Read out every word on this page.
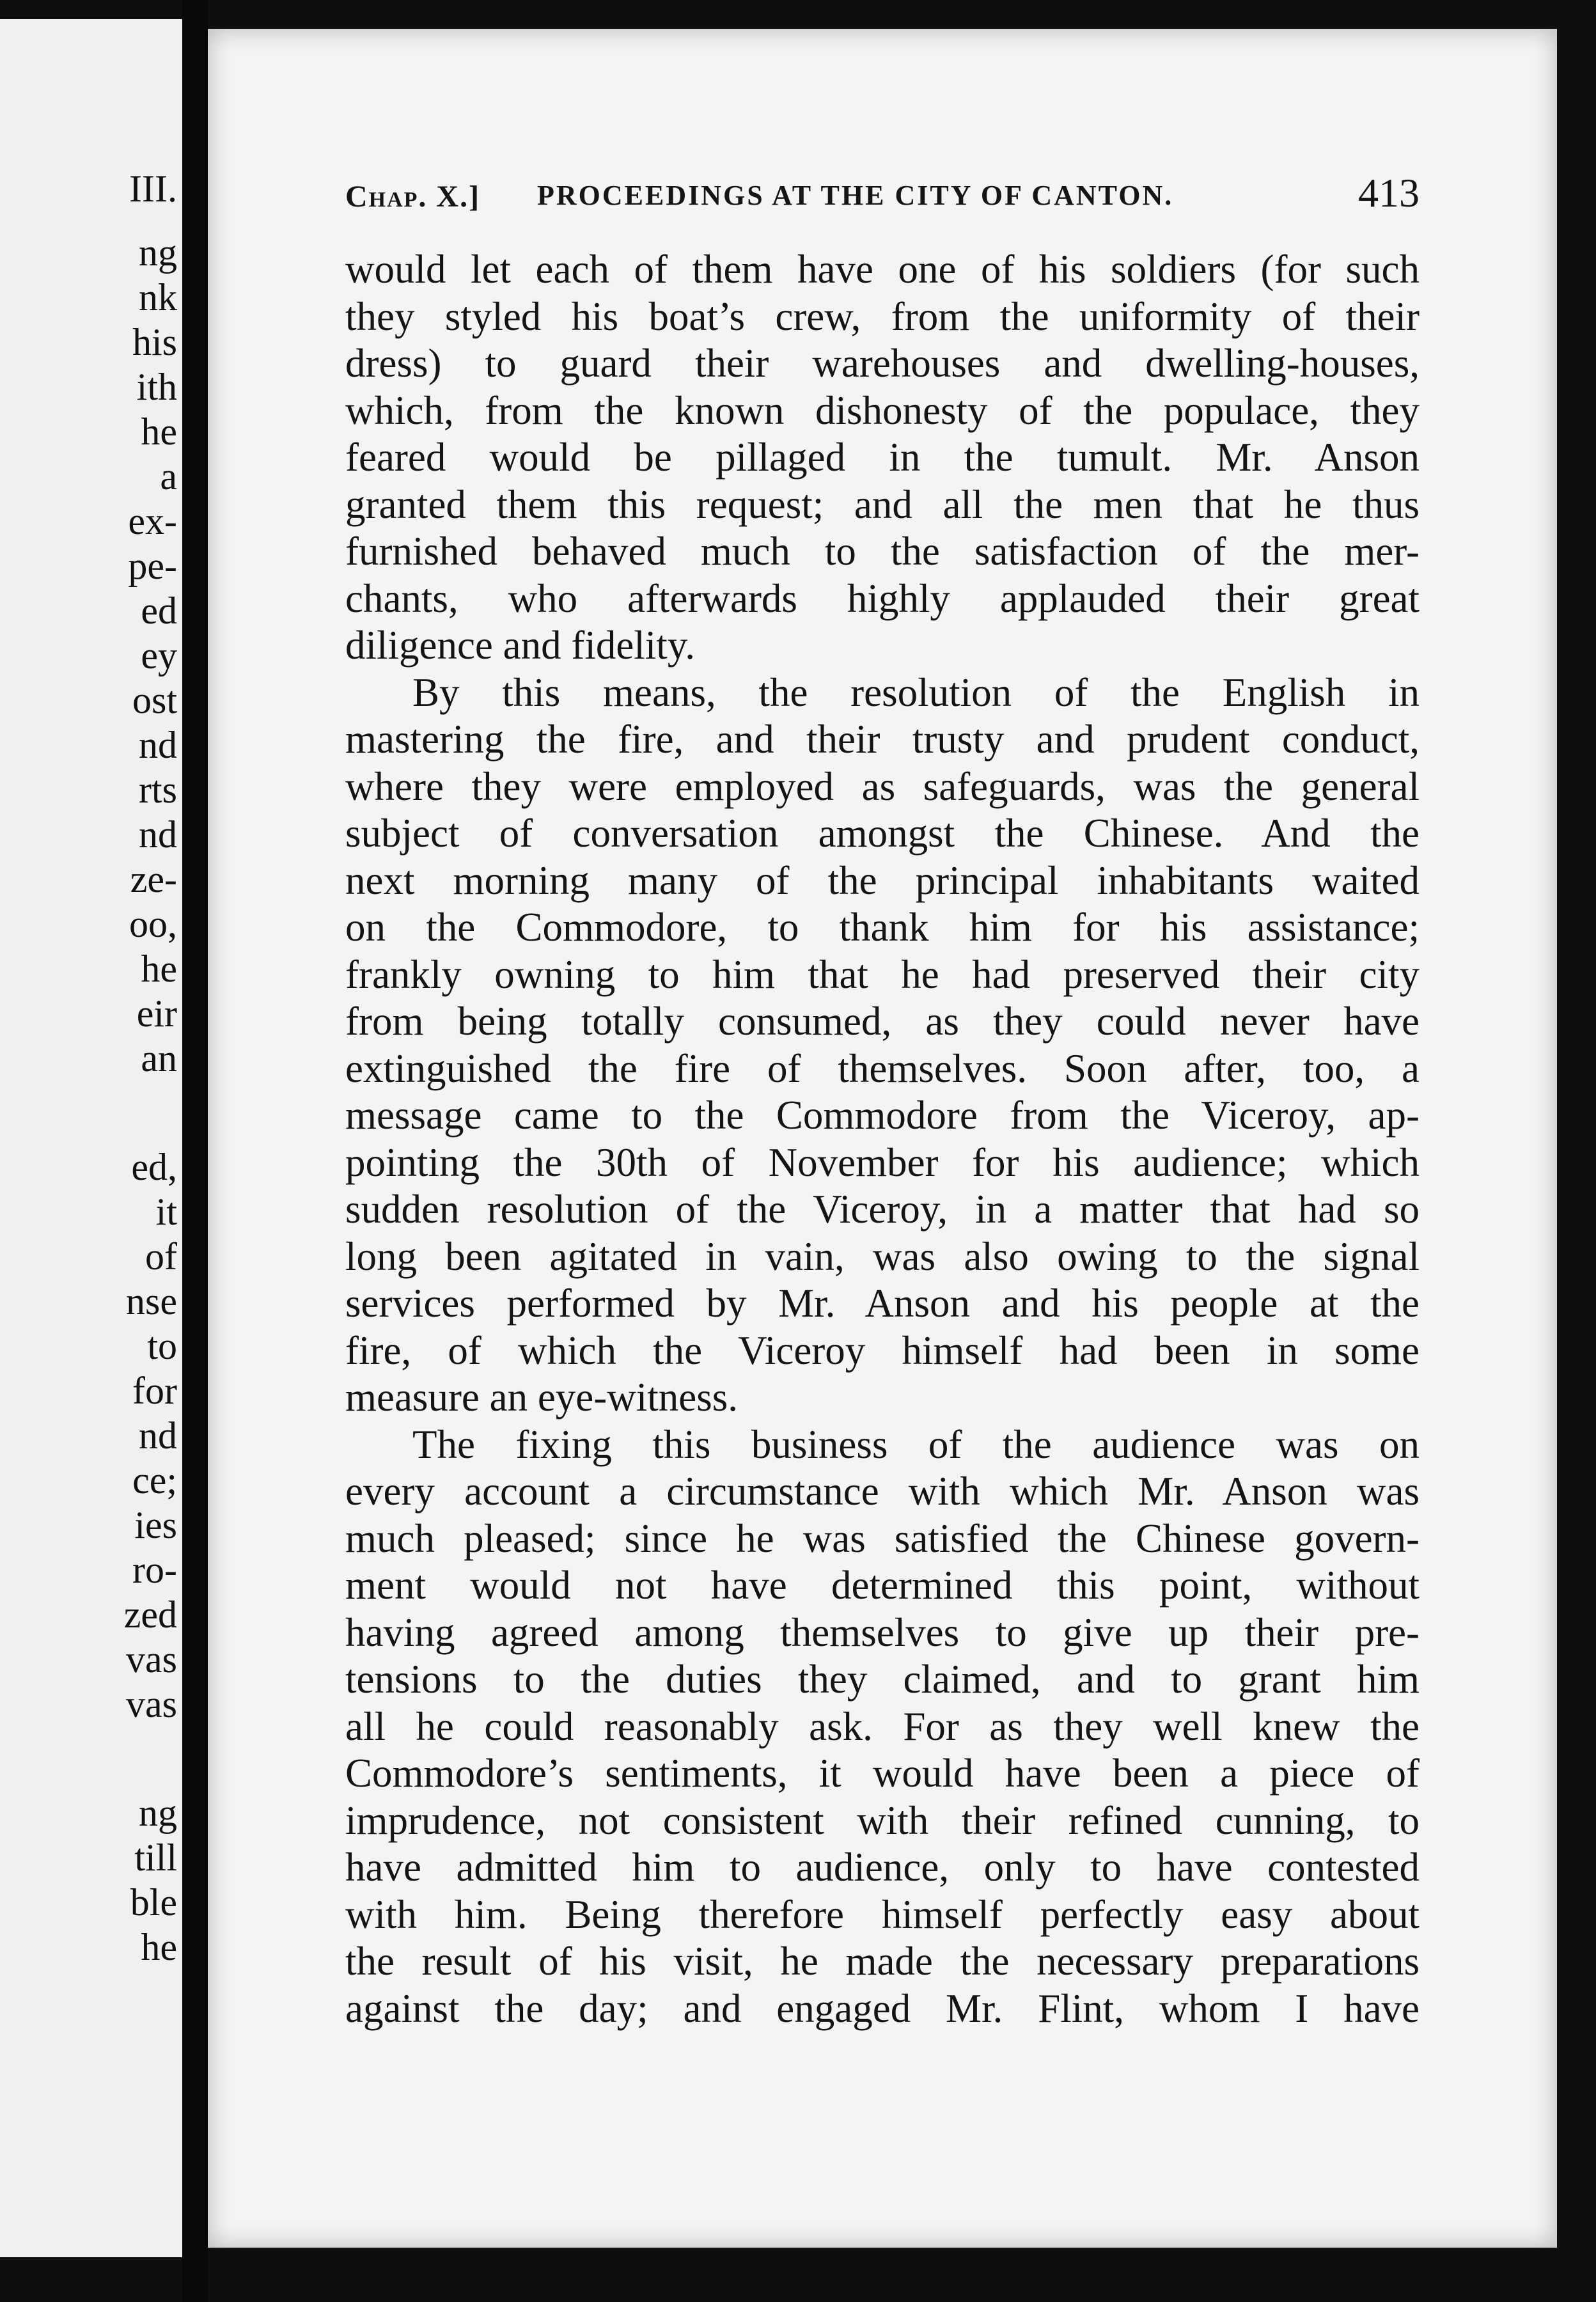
III.
ng
nk
his
ith
he
a
ex-
pe-
ed
ey
ost
nd
rts
nd
ze-
oo,
he
eir
an
ed,
it
of
nse
to
for
nd
ce;
ies
ro-
zed
vas
vas
ng
till
ble
he
Chap. X.] PROCEEDINGS AT THE CITY OF CANTON.	413
would let each of them have one of his soldiers (for such
they styled his boat’s crew, from the uniformity of their
dress) to guard their warehouses and dwelling-houses,
which, from the known dishonesty of the populace, they
feared would be pillaged in the tumult. Mr. Anson
granted them this request; and all the men that he thus
furnished behaved much to the satisfaction of the mer-
chants, who afterwards highly applauded their great
diligence and fidelity.
By this means, the resolution of the English in
mastering the fire, and their trusty and prudent conduct,
where they were employed as safeguards, was the general
subject of conversation amongst the Chinese. And the
next morning many of the principal inhabitants waited
on the Commodore, to thank him for his assistance;
frankly owning to him that he had preserved their city
from being totally consumed, as they could never have
extinguished the fire of themselves. Soon after, too, a
message came to the Commodore from the Viceroy, ap-
pointing the 30th of November for his audience; which
sudden resolution of the Viceroy, in a matter that had so
long been agitated in vain, was also owing to the signal
services performed by Mr. Anson and his people at the
fire, of which the Viceroy himself had been in some
measure an eye-witness.
The fixing this business of the audience was on
every account a circumstance with which Mr. Anson was
much pleased; since he was satisfied the Chinese govern-
ment would not have determined this point, without
having agreed among themselves to give up their pre-
tensions to the duties they claimed, and to grant him
all he could reasonably ask. For as they well knew the
Commodore’s sentiments, it would have been a piece of
imprudence, not consistent with their refined cunning, to
have admitted him to audience, only to have contested
with him. Being therefore himself perfectly easy about
the result of his visit, he made the necessary preparations
against the day; and engaged Mr. Flint, whom I have
